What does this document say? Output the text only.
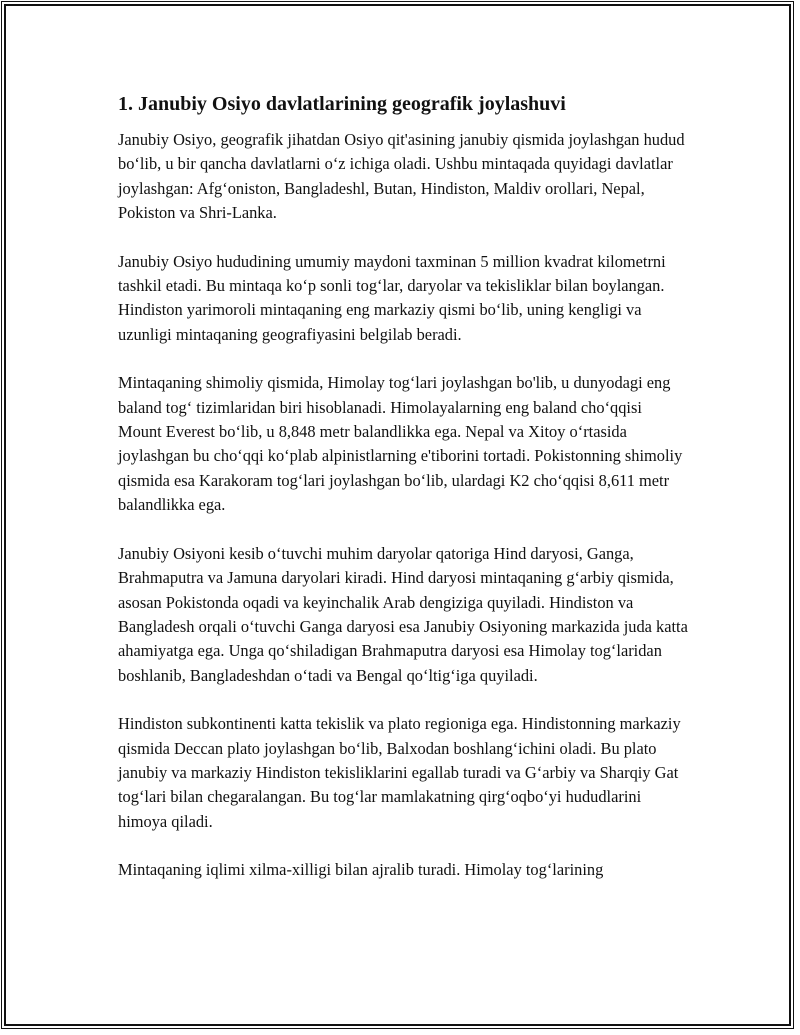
1. Janubiy Osiyo davlatlarining geografik joylashuvi

Janubiy Osiyo, geografik jihatdan Osiyo qit'asining janubiy qismida joylashgan hudud bo‘lib, u bir qancha davlatlarni o‘z ichiga oladi. Ushbu mintaqada quyidagi davlatlar joylashgan: Afg‘oniston, Bangladeshl, Butan, Hindiston, Maldiv orollari, Nepal, Pokiston va Shri-Lanka.

Janubiy Osiyo hududining umumiy maydoni taxminan 5 million kvadrat kilometrni tashkil etadi. Bu mintaqa ko‘p sonli tog‘lar, daryolar va tekisliklar bilan boylangan. Hindiston yarimoroli mintaqaning eng markaziy qismi bo‘lib, uning kengligi va uzunligi mintaqaning geografiyasini belgilab beradi.

Mintaqaning shimoliy qismida, Himolay tog‘lari joylashgan bo'lib, u dunyodagi eng baland tog‘ tizimlaridan biri hisoblanadi. Himolayalarning eng baland cho‘qqisi Mount Everest bo‘lib, u 8,848 metr balandlikka ega. Nepal va Xitoy o‘rtasida joylashgan bu cho‘qqi ko‘plab alpinistlarning e'tiborini tortadi. Pokistonning shimoliy qismida esa Karakoram tog‘lari joylashgan bo‘lib, ulardagi K2 cho‘qqisi 8,611 metr balandlikka ega.

Janubiy Osiyoni kesib o‘tuvchi muhim daryolar qatoriga Hind daryosi, Ganga, Brahmaputra va Jamuna daryolari kiradi. Hind daryosi mintaqaning g‘arbiy qismida, asosan Pokistonda oqadi va keyinchalik Arab dengiziga quyiladi. Hindiston va Bangladesh orqali o‘tuvchi Ganga daryosi esa Janubiy Osiyoning markazida juda katta ahamiyatga ega. Unga qo‘shiladigan Brahmaputra daryosi esa Himolay tog‘laridan boshlanib, Bangladeshdan o‘tadi va Bengal qo‘ltig‘iga quyiladi.

Hindiston subkontinenti katta tekislik va plato regioniga ega. Hindistonning markaziy qismida Deccan plato joylashgan bo‘lib, Balxodan boshlang‘ichini oladi. Bu plato janubiy va markaziy Hindiston tekisliklarini egallab turadi va G‘arbiy va Sharqiy Gat tog‘lari bilan chegaralangan. Bu tog‘lar mamlakatning qirg‘oqbo‘yi hududlarini himoya qiladi.

Mintaqaning iqlimi xilma-xilligi bilan ajralib turadi. Himolay tog‘larining
